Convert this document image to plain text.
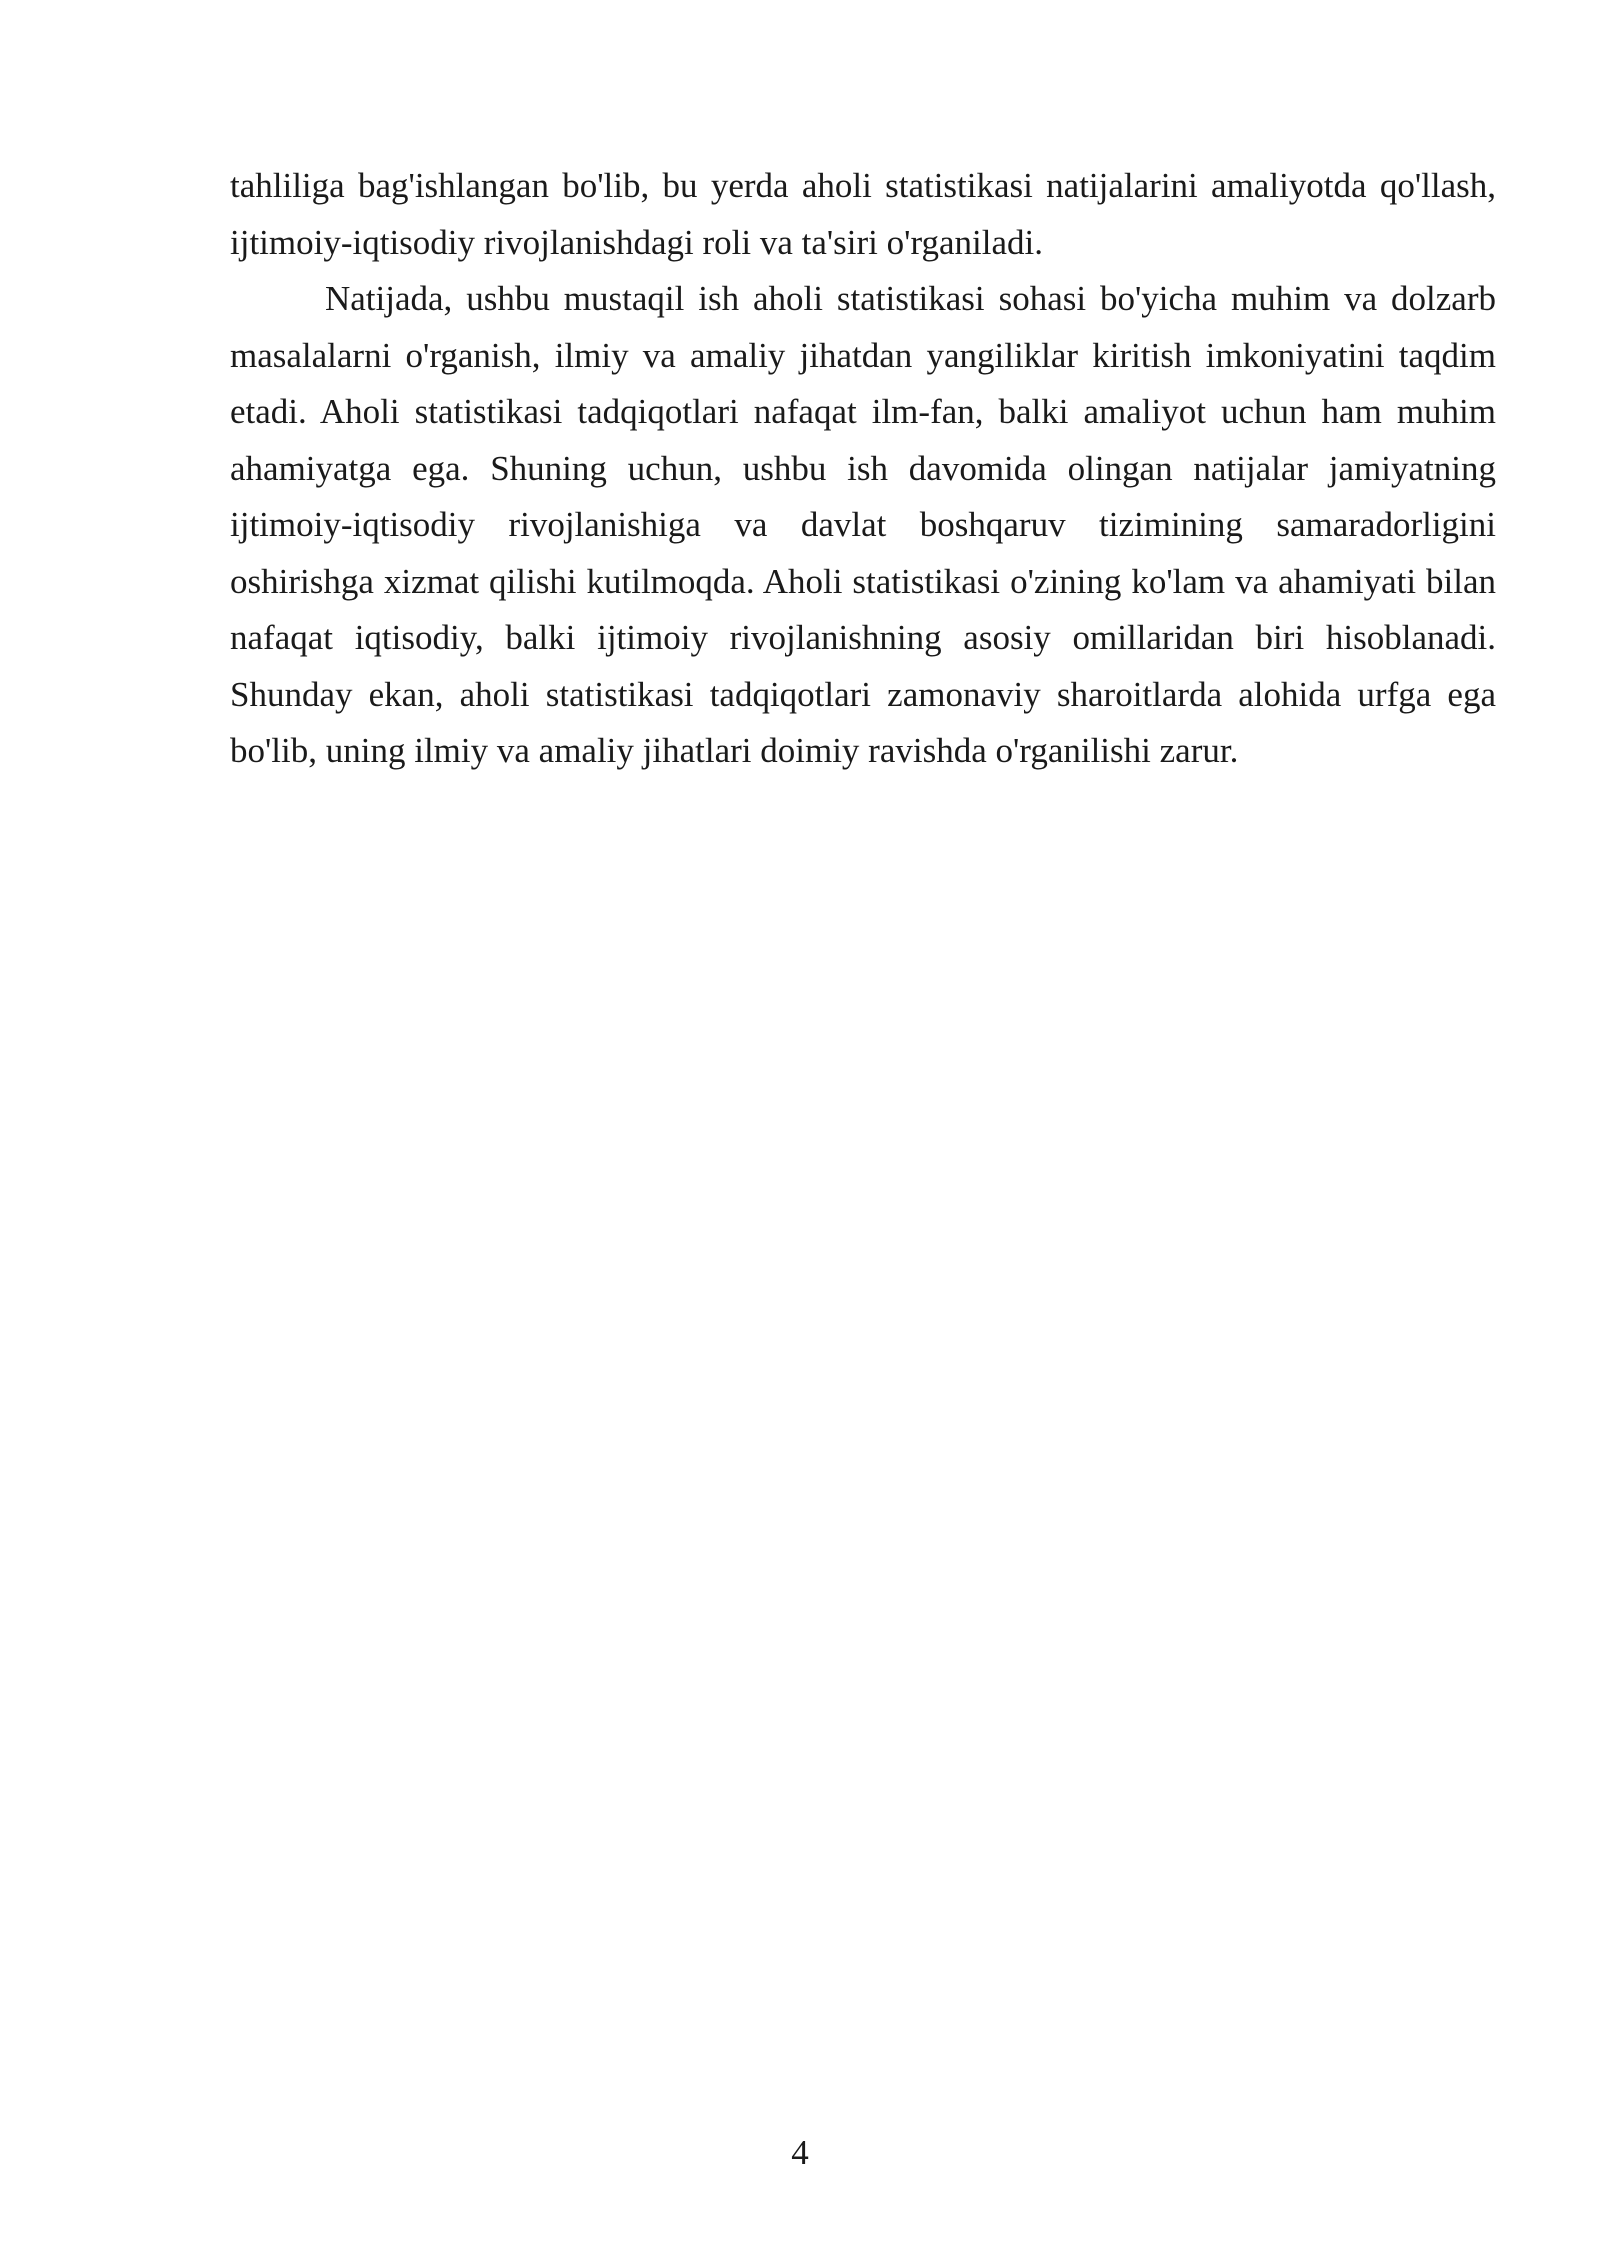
tahliliga bag'ishlangan bo'lib, bu yerda aholi statistikasi natijalarini amaliyotda qo'llash, ijtimoiy-iqtisodiy rivojlanishdagi roli va ta'siri o'rganiladi.

Natijada, ushbu mustaqil ish aholi statistikasi sohasi bo'yicha muhim va dolzarb masalalarni o'rganish, ilmiy va amaliy jihatdan yangiliklar kiritish imkoniyatini taqdim etadi. Aholi statistikasi tadqiqotlari nafaqat ilm-fan, balki amaliyot uchun ham muhim ahamiyatga ega. Shuning uchun, ushbu ish davomida olingan natijalar jamiyatning ijtimoiy-iqtisodiy rivojlanishiga va davlat boshqaruv tizimining samaradorligini oshirishga xizmat qilishi kutilmoqda. Aholi statistikasi o'zining ko'lam va ahamiyati bilan nafaqat iqtisodiy, balki ijtimoiy rivojlanishning asosiy omillaridan biri hisoblanadi. Shunday ekan, aholi statistikasi tadqiqotlari zamonaviy sharoitlarda alohida urfga ega bo'lib, uning ilmiy va amaliy jihatlari doimiy ravishda o'rganilishi zarur.

4
